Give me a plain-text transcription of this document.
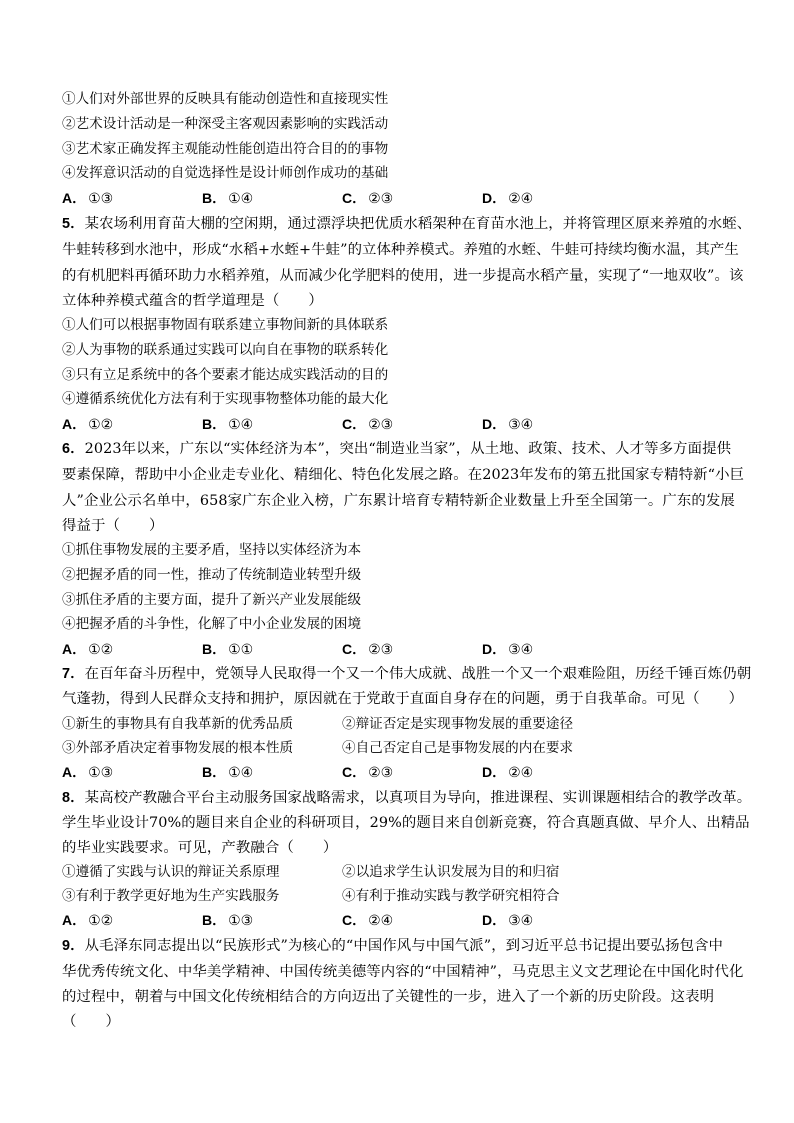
①人们对外部世界的反映具有能动创造性和直接现实性
②艺术设计活动是一种深受主客观因素影响的实践活动
③艺术家正确发挥主观能动性能创造出符合目的的事物
④发挥意识活动的自觉选择性是设计师创作成功的基础
A． ①③	B． ①④	C． ②③	D． ②④
5．某农场利用育苗大棚的空闲期，通过漂浮块把优质水稻架种在育苗水池上，并将管理区原来养殖的水蛭、
牛蛙转移到水池中，形成“水稻+水蛭+牛蛙”的立体种养模式。养殖的水蛭、牛蛙可持续均衡水温，其产生
的有机肥料再循环助力水稻养殖，从而减少化学肥料的使用，进一步提高水稻产量，实现了“一地双收”。该
立体种养模式蕴含的哲学道理是（　　）
①人们可以根据事物固有联系建立事物间新的具体联系
②人为事物的联系通过实践可以向自在事物的联系转化
③只有立足系统中的各个要素才能达成实践活动的目的
④遵循系统优化方法有利于实现事物整体功能的最大化
A． ①②	B． ①④	C． ②③	D． ③④
6．2023年以来，广东以“实体经济为本”，突出“制造业当家”，从土地、政策、技术、人才等多方面提供
要素保障，帮助中小企业走专业化、精细化、特色化发展之路。在2023年发布的第五批国家专精特新“小巨
人”企业公示名单中，658家广东企业入榜，广东累计培育专精特新企业数量上升至全国第一。广东的发展
得益于（　　）
①抓住事物发展的主要矛盾，坚持以实体经济为本
②把握矛盾的同一性，推动了传统制造业转型升级
③抓住矛盾的主要方面，提升了新兴产业发展能级
④把握矛盾的斗争性，化解了中小企业发展的困境
A． ①②	B． ①①	C． ②③	D． ③④
7．在百年奋斗历程中，党领导人民取得一个又一个伟大成就、战胜一个又一个艰难险阻，历经千锤百炼仍朝
气蓬勃，得到人民群众支持和拥护，原因就在于党敢于直面自身存在的问题，勇于自我革命。可见（　　）
①新生的事物具有自我革新的优秀品质	②辩证否定是实现事物发展的重要途径
③外部矛盾决定着事物发展的根本性质	④自己否定自己是事物发展的内在要求
A． ①③	B． ①④	C． ②③	D． ②④
8．某高校产教融合平台主动服务国家战略需求，以真项目为导向，推进课程、实训课题相结合的教学改革。
学生毕业设计70%的题目来自企业的科研项目，29%的题目来自创新竞赛，符合真题真做、早介人、出精品
的毕业实践要求。可见，产教融合（　　）
①遵循了实践与认识的辩证关系原理	②以追求学生认识发展为目的和归宿
③有利于教学更好地为生产实践服务	④有利于推动实践与教学研究相符合
A． ①②	B． ①③	C． ②④	D． ③④
9．从毛泽东同志提出以“民族形式”为核心的“中国作风与中国气派”，到习近平总书记提出要弘扬包含中
华优秀传统文化、中华美学精神、中国传统美德等内容的“中国精神”，马克思主义文艺理论在中国化时代化
的过程中，朝着与中国文化传统相结合的方向迈出了关键性的一步，进入了一个新的历史阶段。这表明
（　　）
